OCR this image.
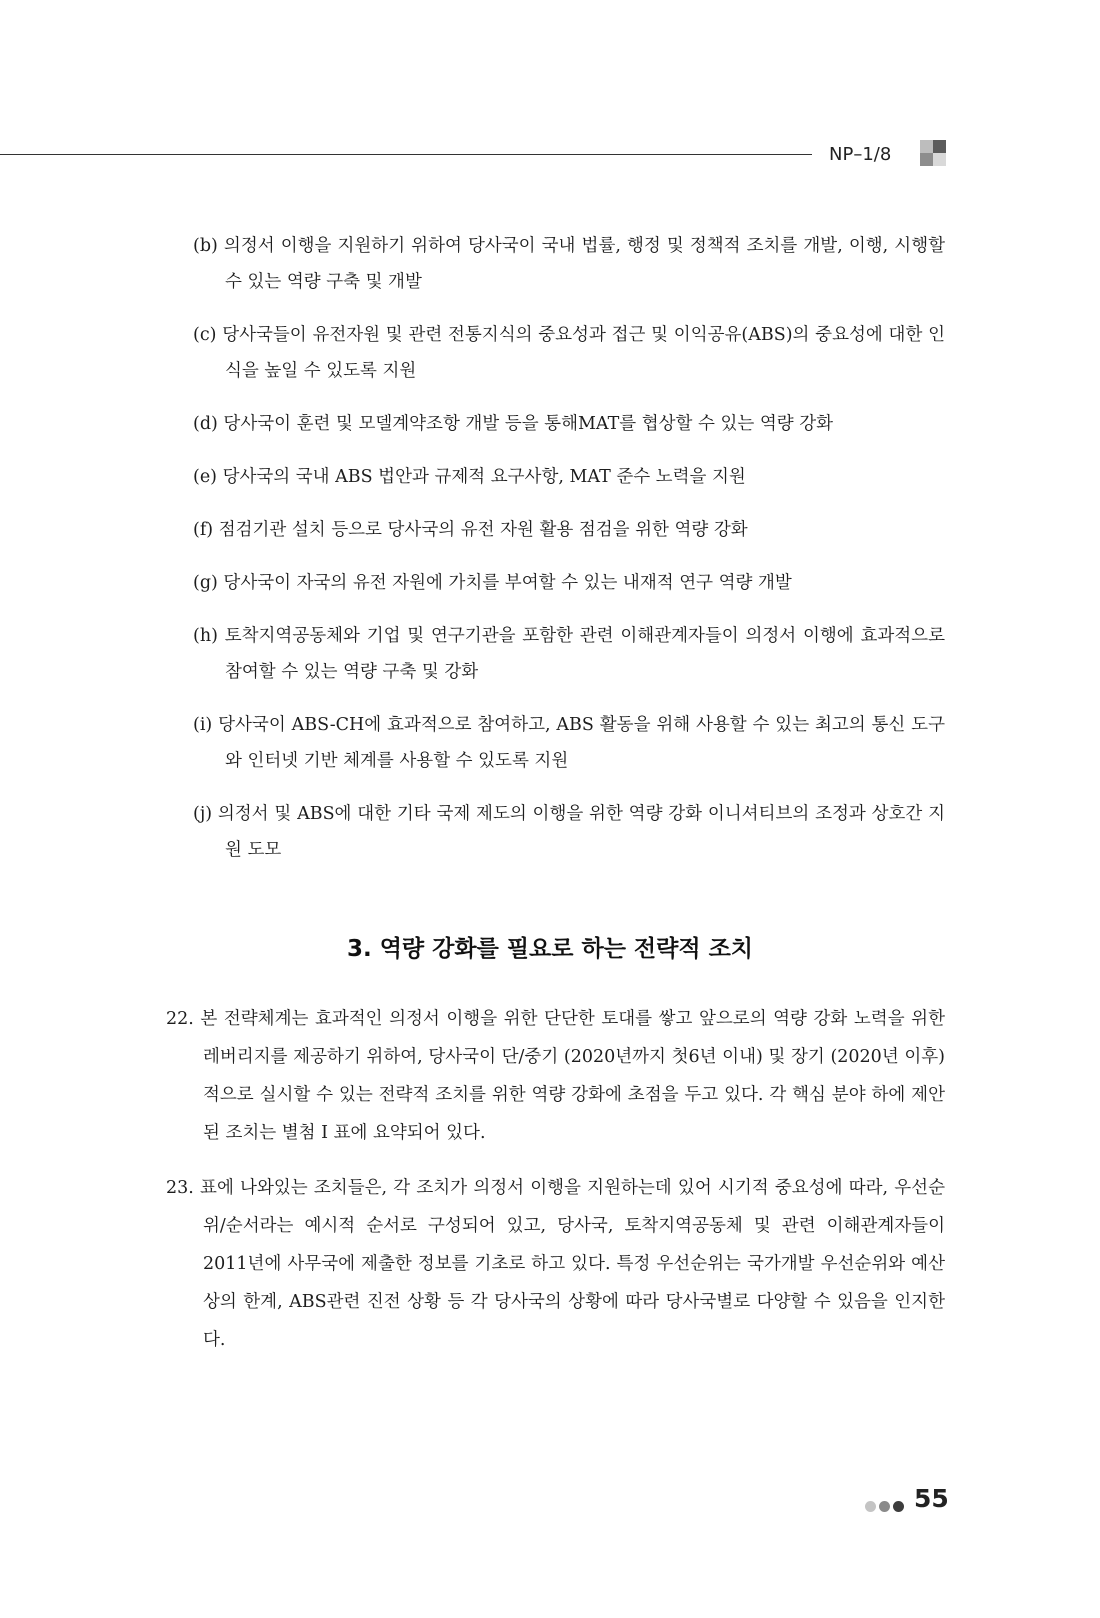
NP–1/8
(b) 의정서 이행을 지원하기 위하여 당사국이 국내 법률, 행정 및 정책적 조치를 개발, 이행, 시행할 수 있는 역량 구축 및 개발
(c) 당사국들이 유전자원 및 관련 전통지식의 중요성과 접근 및 이익공유(ABS)의 중요성에 대한 인식을 높일 수 있도록 지원
(d) 당사국이 훈련 및 모델계약조항 개발 등을 통해MAT를 협상할 수 있는 역량 강화
(e) 당사국의 국내 ABS 법안과 규제적 요구사항, MAT 준수 노력을 지원
(f) 점검기관 설치 등으로 당사국의 유전 자원 활용 점검을 위한 역량 강화
(g) 당사국이 자국의 유전 자원에 가치를 부여할 수 있는 내재적 연구 역량 개발
(h) 토착지역공동체와 기업 및 연구기관을 포함한 관련 이해관계자들이 의정서 이행에 효과적으로 참여할 수 있는 역량 구축 및 강화
(i) 당사국이 ABS-CH에 효과적으로 참여하고, ABS 활동을 위해 사용할 수 있는 최고의 통신 도구와 인터넷 기반 체계를 사용할 수 있도록 지원
(j) 의정서 및 ABS에 대한 기타 국제 제도의 이행을 위한 역량 강화 이니셔티브의 조정과 상호간 지원 도모
3. 역량 강화를 필요로 하는 전략적 조치

22. 본 전략체계는 효과적인 의정서 이행을 위한 단단한 토대를 쌓고 앞으로의 역량 강화 노력을 위한 레버리지를 제공하기 위하여, 당사국이 단/중기 (2020년까지 첫6년 이내) 및 장기 (2020년 이후)적으로 실시할 수 있는 전략적 조치를 위한 역량 강화에 초점을 두고 있다. 각 핵심 분야 하에 제안된 조치는 별첨 I 표에 요약되어 있다.

23. 표에 나와있는 조치들은, 각 조치가 의정서 이행을 지원하는데 있어 시기적 중요성에 따라, 우선순위/순서라는 예시적 순서로 구성되어 있고, 당사국, 토착지역공동체 및 관련 이해관계자들이 2011년에 사무국에 제출한 정보를 기초로 하고 있다. 특정 우선순위는 국가개발 우선순위와 예산상의 한계, ABS관련 진전 상황 등 각 당사국의 상황에 따라 당사국별로 다양할 수 있음을 인지한다.

55
